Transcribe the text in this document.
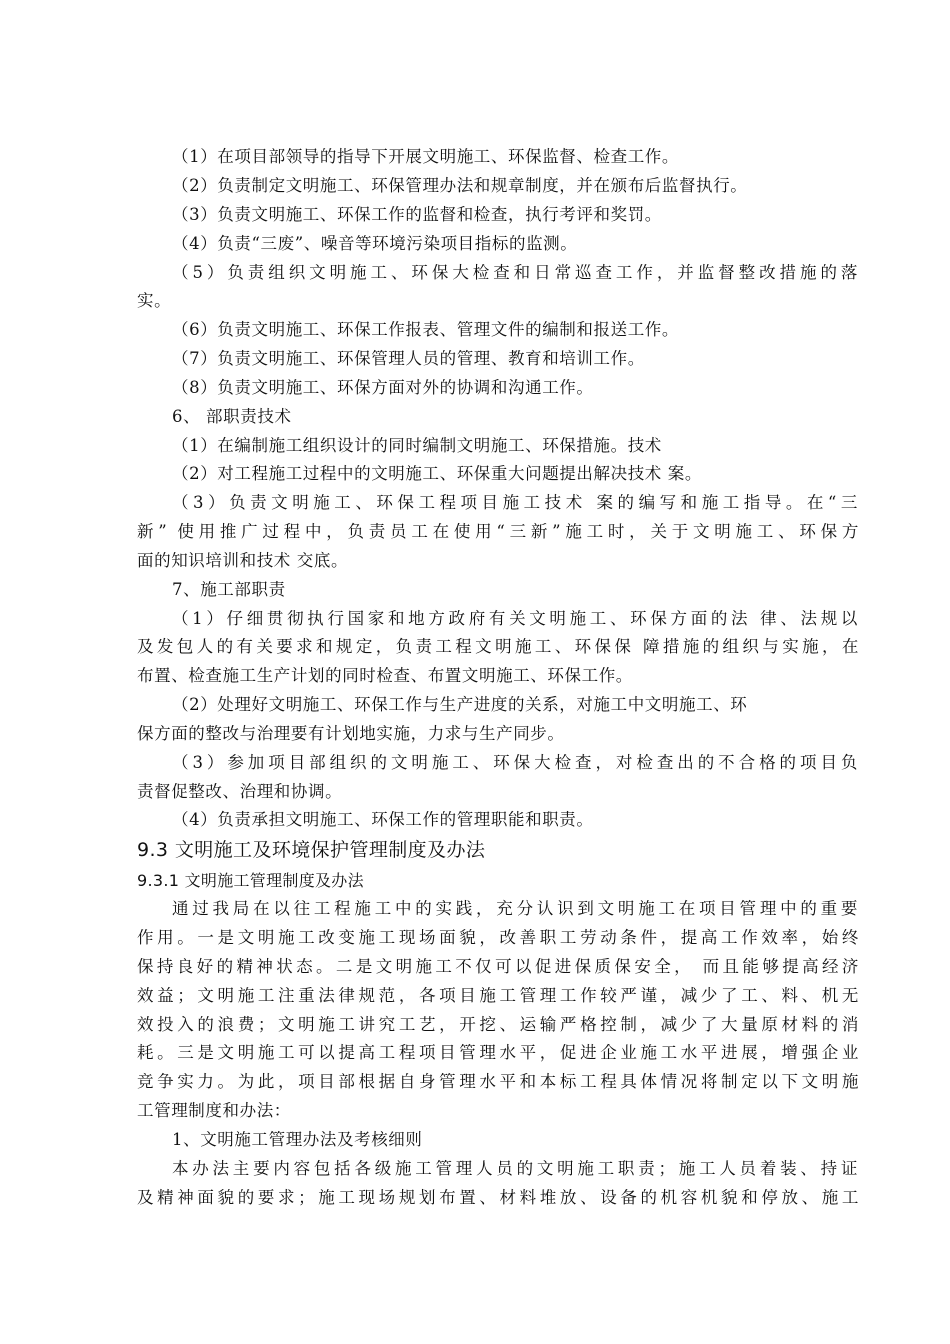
（1）在项目部领导的指导下开展文明施工、环保监督、检查工作。
（2）负责制定文明施工、环保管理办法和规章制度，并在颁布后监督执行。
（3）负责文明施工、环保工作的监督和检查，执行考评和奖罚。
（4）负责“三废”、噪音等环境污染项目指标的监测。
（5）负责组织文明施工、环保大检查和日常巡查工作，并监督整改措施的落
实。
（6）负责文明施工、环保工作报表、管理文件的编制和报送工作。
（7）负责文明施工、环保管理人员的管理、教育和培训工作。
（8）负责文明施工、环保方面对外的协调和沟通工作。
6、 部职责技术
（1）在编制施工组织设计的同时编制文明施工、环保措施。技术
（2）对工程施工过程中的文明施工、环保重大问题提出解决技术 案。
（3）负责文明施工、环保工程项目施工技术 案的编写和施工指导。在“三
新” 使用推广过程中，负责员工在使用“三新”施工时，关于文明施工、环保方
面的知识培训和技术 交底。
7、施工部职责
（1）仔细贯彻执行国家和地方政府有关文明施工、环保方面的法 律、法规以
及发包人的有关要求和规定，负责工程文明施工、环保保 障措施的组织与实施，在
布置、检查施工生产计划的同时检查、布置文明施工、环保工作。
（2）处理好文明施工、环保工作与生产进度的关系，对施工中文明施工、环
保方面的整改与治理要有计划地实施，力求与生产同步。
（3）参加项目部组织的文明施工、环保大检查，对检查出的不合格的项目负
责督促整改、治理和协调。
（4）负责承担文明施工、环保工作的管理职能和职责。
9.3 文明施工及环境保护管理制度及办法
9.3.1 文明施工管理制度及办法
通过我局在以往工程施工中的实践，充分认识到文明施工在项目管理中的重要
作用。一是文明施工改变施工现场面貌，改善职工劳动条件，提高工作效率，始终
保持良好的精神状态。二是文明施工不仅可以促进保质保安全， 而且能够提高经济
效益；文明施工注重法律规范，各项目施工管理工作较严谨，减少了工、料、机无
效投入的浪费；文明施工讲究工艺，开挖、运输严格控制，减少了大量原材料的消
耗。三是文明施工可以提高工程项目管理水平，促进企业施工水平进展，增强企业
竞争实力。为此，项目部根据自身管理水平和本标工程具体情况将制定以下文明施
工管理制度和办法：
1、文明施工管理办法及考核细则
本办法主要内容包括各级施工管理人员的文明施工职责；施工人员着装、持证
及精神面貌的要求；施工现场规划布置、材料堆放、设备的机容机貌和停放、施工
